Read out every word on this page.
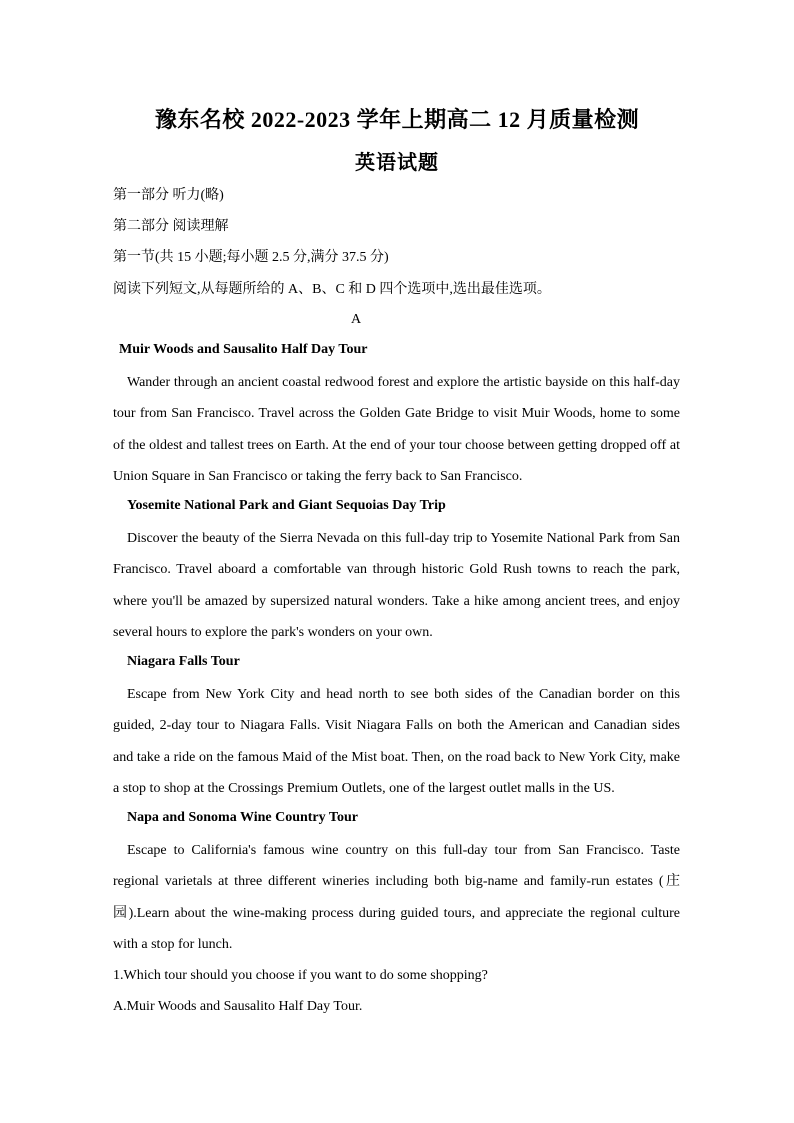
豫东名校 2022-2023 学年上期高二 12 月质量检测
英语试题
第一部分 听力(略)
第二部分 阅读理解
第一节(共 15 小题;每小题 2.5 分,满分 37.5 分)
阅读下列短文,从每题所给的 A、B、C 和 D 四个选项中,选出最佳选项。
A
Muir Woods and Sausalito Half Day Tour
Wander through an ancient coastal redwood forest and explore the artistic bayside on this half-day tour from San Francisco. Travel across the Golden Gate Bridge to visit Muir Woods, home to some of the oldest and tallest trees on Earth. At the end of your tour choose between getting dropped off at Union Square in San Francisco or taking the ferry back to San Francisco.
Yosemite National Park and Giant Sequoias Day Trip
Discover the beauty of the Sierra Nevada on this full-day trip to Yosemite National Park from San Francisco. Travel aboard a comfortable van through historic Gold Rush towns to reach the park, where you'll be amazed by supersized natural wonders. Take a hike among ancient trees, and enjoy several hours to explore the park's wonders on your own.
Niagara Falls Tour
Escape from New York City and head north to see both sides of the Canadian border on this guided, 2-day tour to Niagara Falls. Visit Niagara Falls on both the American and Canadian sides and take a ride on the famous Maid of the Mist boat. Then, on the road back to New York City, make a stop to shop at the Crossings Premium Outlets, one of the largest outlet malls in the US.
Napa and Sonoma Wine Country Tour
Escape to California's famous wine country on this full-day tour from San Francisco. Taste regional varietals at three different wineries including both big-name and family-run estates (庄园).Learn about the wine-making process during guided tours, and appreciate the regional culture with a stop for lunch.
1.Which tour should you choose if you want to do some shopping?
A.Muir Woods and Sausalito Half Day Tour.
